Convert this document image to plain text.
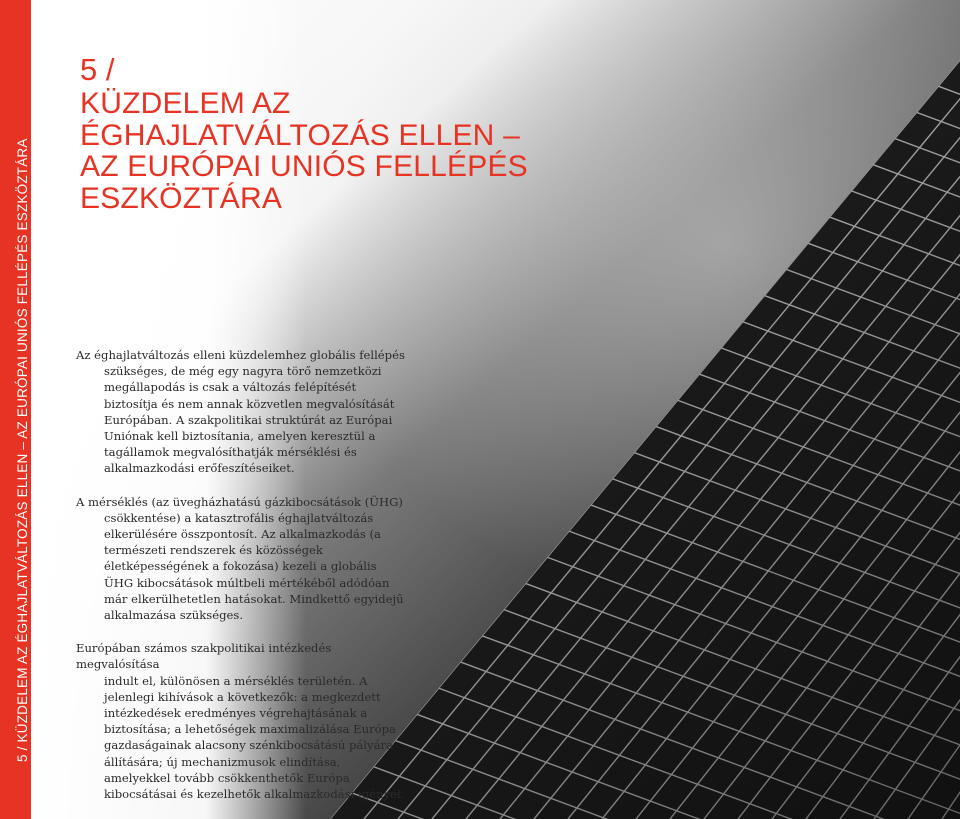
5 / KÜZDELEM AZ ÉGHAJLATVÁLTOZÁS ELLEN – AZ EURÓPAI UNIÓS FELLÉPÉS ESZKÖZTÁRA
5 /
KÜZDELEM AZ
ÉGHAJLATVÁLTOZÁS ELLEN –
AZ EURÓPAI UNIÓS FELLÉPÉS
ESZKÖZTÁRA

Az éghajlatváltozás elleni küzdelemhez globális fellépés
szükséges, de még egy nagyra törő nemzetközi megállapodás is csak a változás felépítését biztosítja és nem annak közvetlen megvalósítását Európában. A szakpolitikai struktúrát az Európai Uniónak kell biztosítania, amelyen keresztül a tagállamok megvalósíthatják mérséklési és alkalmazkodási erőfeszítéseiket.

A mérséklés (az üvegházhatású gázkibocsátások (ÜHG)
csökkentése) a katasztrofális éghajlatváltozás elkerülésére összpontosít. Az alkalmazkodás (a természeti rendszerek és közösségek életképességének a fokozása) kezeli a globális ÜHG kibocsátások múltbeli mértékéből adódóan már elkerülhetetlen hatásokat. Mindkettő egyidejű alkalmazása szükséges.

Európában számos szakpolitikai intézkedés megvalósítása
indult el, különösen a mérséklés területén. A jelenlegi kihívások a következők: a megkezdett intézkedések eredményes végrehajtásának a biztosítása; a lehetőségek maximalizálása Európa gazdaságainak alacsony szénkibocsátású pályára állítására; új mechanizmusok elindítása, amelyekkel tovább csökkenthetők Európa kibocsátásai és kezelhetők alkalmazkodási igényei.
